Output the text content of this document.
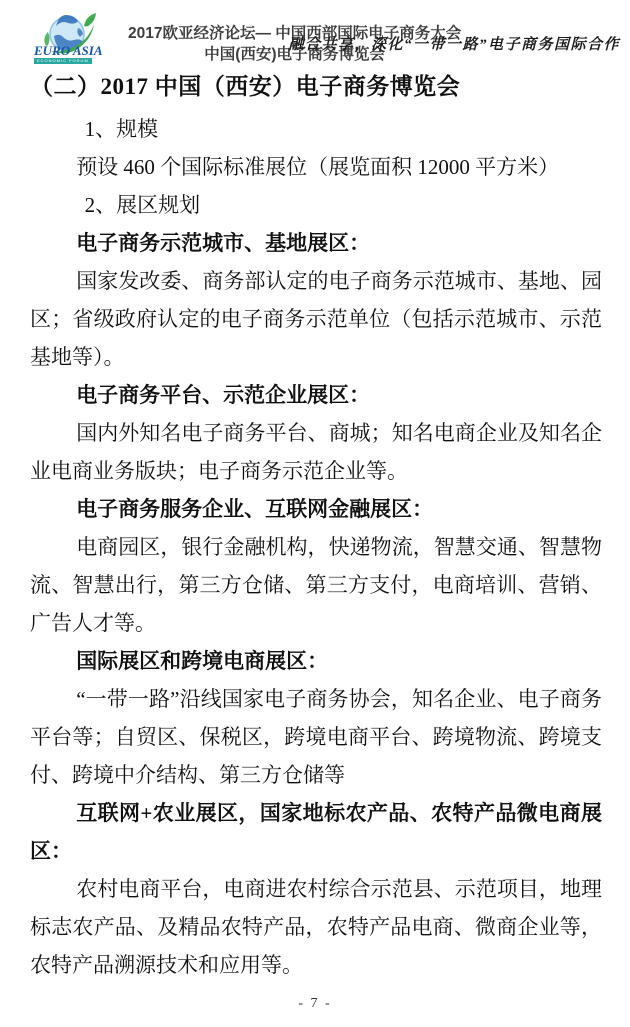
EURO ASIA
ECONOMIC FORUM
2017欧亚经济论坛— 中国西部国际电子商务大会
中国(西安)电子商务博览会
融合共享，深化“一带一路”电子商务国际合作
（二）2017 中国（西安）电子商务博览会

1、规模

预设 460 个国际标准展位（展览面积 12000 平方米）

2、展区规划

电子商务示范城市、基地展区：

国家发改委、商务部认定的电子商务示范城市、基地、园区；省级政府认定的电子商务示范单位（包括示范城市、示范基地等）。

电子商务平台、示范企业展区：

国内外知名电子商务平台、商城；知名电商企业及知名企业电商业务版块；电子商务示范企业等。

电子商务服务企业、互联网金融展区：

电商园区，银行金融机构，快递物流，智慧交通、智慧物流、智慧出行，第三方仓储、第三方支付，电商培训、营销、广告人才等。

国际展区和跨境电商展区：

“一带一路”沿线国家电子商务协会，知名企业、电子商务平台等；自贸区、保税区，跨境电商平台、跨境物流、跨境支付、跨境中介结构、第三方仓储等

互联网+农业展区，国家地标农产品、农特产品微电商展区：

农村电商平台，电商进农村综合示范县、示范项目，地理标志农产品、及精品农特产品，农特产品电商、微商企业等，农特产品溯源技术和应用等。

- 7 -
